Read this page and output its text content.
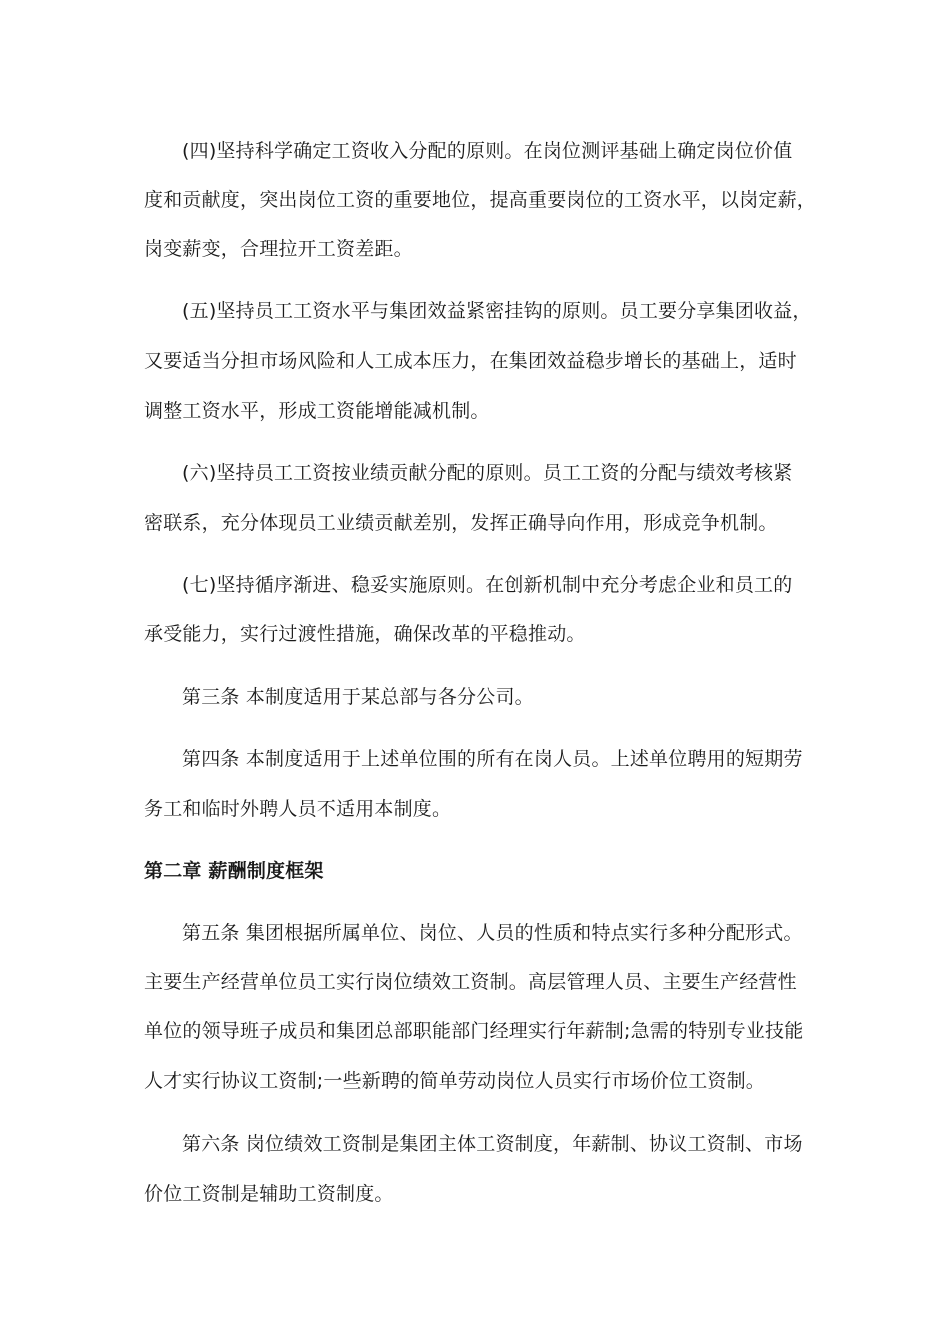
(四)坚持科学确定工资收入分配的原则。在岗位测评基础上确定岗位价值
度和贡献度，突出岗位工资的重要地位，提高重要岗位的工资水平，以岗定薪，
岗变薪变，合理拉开工资差距。
(五)坚持员工工资水平与集团效益紧密挂钩的原则。员工要分享集团收益，
又要适当分担市场风险和人工成本压力，在集团效益稳步增长的基础上，适时
调整工资水平，形成工资能增能减机制。
(六)坚持员工工资按业绩贡献分配的原则。员工工资的分配与绩效考核紧
密联系，充分体现员工业绩贡献差别，发挥正确导向作用，形成竞争机制。
(七)坚持循序渐进、稳妥实施原则。在创新机制中充分考虑企业和员工的
承受能力，实行过渡性措施，确保改革的平稳推动。
第三条 本制度适用于某总部与各分公司。
第四条 本制度适用于上述单位围的所有在岗人员。上述单位聘用的短期劳
务工和临时外聘人员不适用本制度。
第二章 薪酬制度框架
第五条 集团根据所属单位、岗位、人员的性质和特点实行多种分配形式。
主要生产经营单位员工实行岗位绩效工资制。高层管理人员、主要生产经营性
单位的领导班子成员和集团总部职能部门经理实行年薪制;急需的特别专业技能
人才实行协议工资制;一些新聘的简单劳动岗位人员实行市场价位工资制。
第六条 岗位绩效工资制是集团主体工资制度，年薪制、协议工资制、市场
价位工资制是辅助工资制度。
